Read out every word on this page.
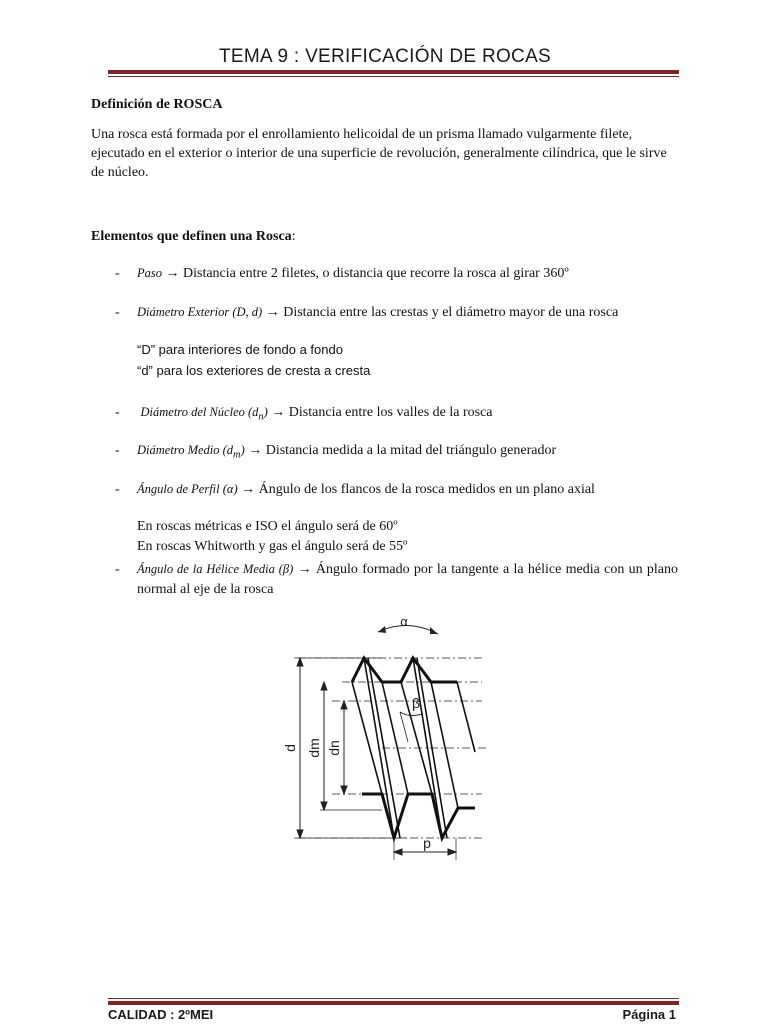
TEMA 9 : VERIFICACIÓN DE ROCAS
Definición de ROSCA
Una rosca está formada por el enrollamiento helicoidal de un prisma llamado vulgarmente filete, ejecutado en el exterior o interior de una superficie de revolución, generalmente cilíndrica, que le sirve de núcleo.
Elementos que definen una Rosca:
- Paso → Distancia entre 2 filetes, o distancia que recorre la rosca al girar 360º
- Diámetro Exterior (D, d) → Distancia entre las crestas y el diámetro mayor de una rosca
“D” para interiores de fondo a fondo
“d” para los exteriores de cresta a cresta
- Diámetro del Núcleo $(d_n)$ → Distancia entre los valles de la rosca
- Diámetro Medio $(d_m)$ → Distancia medida a la mitad del triángulo generador
- Ángulo de Perfil (α) → Ángulo de los flancos de la rosca medidos en un plano axial
En roscas métricas e ISO el ángulo será de 60º
En roscas Whitworth y gas el ángulo será de 55º
- Ángulo de la Hélice Media (β) → Ángulo formado por la tangente a la hélice media con un plano normal al eje de la rosca
α
β
p
d dm dn
CALIDAD : 2ºMEI	Página 1
